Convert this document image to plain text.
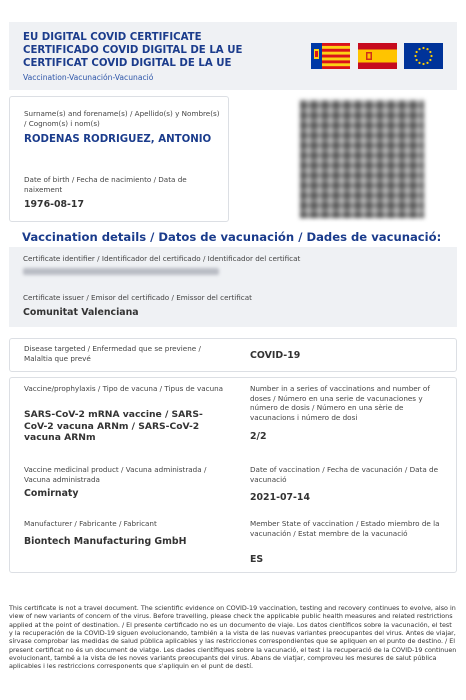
EU DIGITAL COVID CERTIFICATE
CERTIFICADO COVID DIGITAL DE LA UE
CERTIFICAT COVID DIGITAL DE LA UE
Vaccination-Vacunación-Vacunació
Surname(s) and forename(s) / Apellido(s) y Nombre(s) / Cognom(s) i nom(s)
RODENAS RODRIGUEZ, ANTONIO
Date of birth / Fecha de nacimiento / Data de naixement
1976-08-17
Vaccination details / Datos de vacunación / Dades de vacunació:
Certificate identifier / Identificador del certificado / Identificador del certificat
Certificate issuer / Emisor del certificado / Emissor del certificat
Comunitat Valenciana
Disease targeted / Enfermedad que se previene / Malaltia que prevé	COVID-19
Vaccine/prophylaxis / Tipo de vacuna / Tipus de vacuna
SARS-CoV-2 mRNA vaccine / SARS-CoV-2 vacuna ARNm / SARS-CoV-2 vacuna ARNm
Number in a series of vaccinations and number of doses / Número en una serie de vacunaciones y número de dosis / Número en una sèrie de vacunacions i número de dosi
2/2
Vaccine medicinal product / Vacuna administrada / Vacuna administrada
Comirnaty
Date of vaccination / Fecha de vacunación / Data de vacunació
2021-07-14
Manufacturer / Fabricante / Fabricant
Biontech Manufacturing GmbH
Member State of vaccination / Estado miembro de la vacunación / Estat membre de la vacunació
ES
This certificate is not a travel document. The scientific evidence on COVID-19 vaccination, testing and recovery continues to evolve, also in view of new variants of concern of the virus. Before travelling, please check the applicable public health measures and related restrictions applied at the point of destination. / El presente certificado no es un documento de viaje. Los datos científicos sobre la vacunación, el test y la recuperación de la COVID-19 siguen evolucionando, también a la vista de las nuevas variantes preocupantes del virus. Antes de viajar, sírvase comprobar las medidas de salud pública aplicables y las restricciones correspondientes que se apliquen en el punto de destino. / El present certificat no és un document de viatge. Les dades científiques sobre la vacunació, el test i la recuperació de la COVID-19 continuen evolucionant, també a la vista de les noves variants preocupants del virus. Abans de viatjar, comproveu les mesures de salut pública aplicables i les restriccions corresponents que s'apliquin en el punt de destí.
